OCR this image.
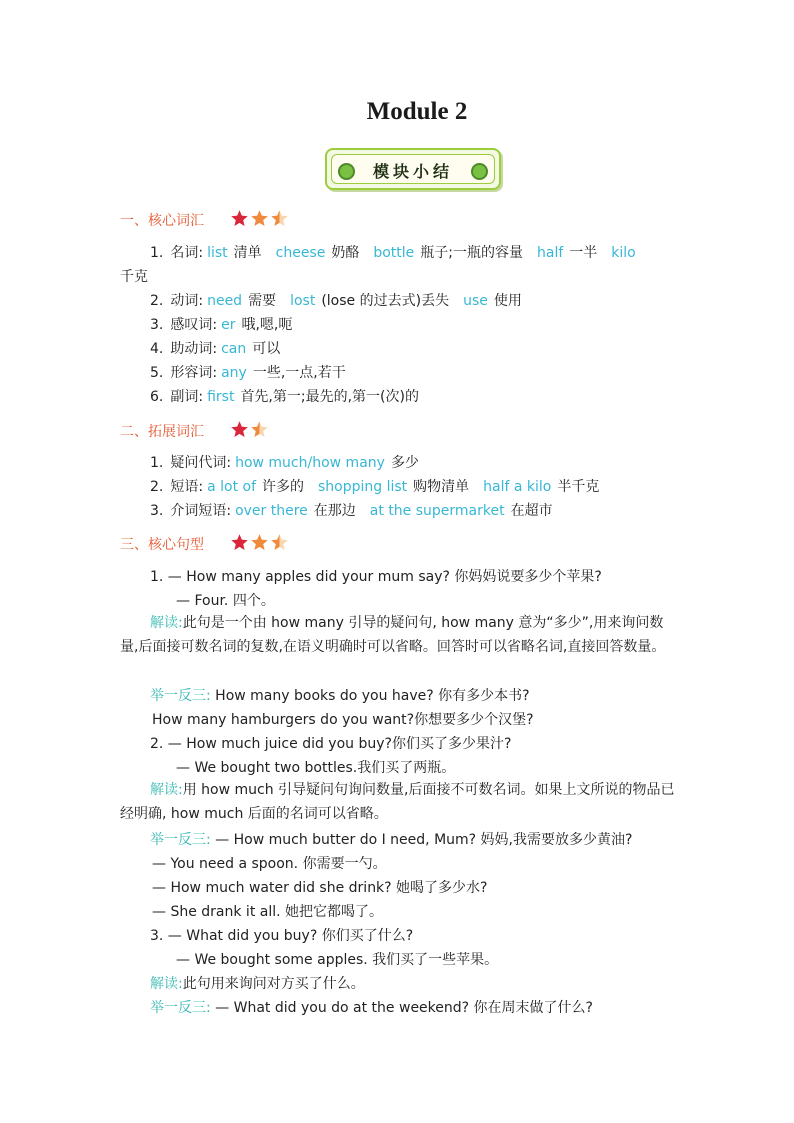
Module 2
模块小结
一、核心词汇
1. 名词: list 清单 cheese 奶酪 bottle 瓶子;一瓶的容量 half 一半 kilo
千克
2. 动词: need 需要 lost (lose 的过去式)丢失 use 使用
3. 感叹词: er 哦,嗯,呃
4. 助动词: can 可以
5. 形容词: any 一些,一点,若干
6. 副词: first 首先,第一;最先的,第一(次)的
二、拓展词汇
1. 疑问代词: how much/how many 多少
2. 短语: a lot of 许多的 shopping list 购物清单 half a kilo 半千克
3. 介词短语: over there 在那边 at the supermarket 在超市
三、核心句型
1. — How many apples did your mum say? 你妈妈说要多少个苹果?
— Four. 四个。
解读:此句是一个由 how many 引导的疑问句, how many 意为“多少”,用来询问数量,后面接可数名词的复数,在语义明确时可以省略。回答时可以省略名词,直接回答数量。
举一反三: How many books do you have? 你有多少本书?
How many hamburgers do you want?你想要多少个汉堡?
2. — How much juice did you buy?你们买了多少果汁?
— We bought two bottles.我们买了两瓶。
解读:用 how much 引导疑问句询问数量,后面接不可数名词。如果上文所说的物品已经明确, how much 后面的名词可以省略。
举一反三: — How much butter do I need, Mum? 妈妈,我需要放多少黄油?
— You need a spoon. 你需要一勺。
— How much water did she drink? 她喝了多少水?
— She drank it all. 她把它都喝了。
3. — What did you buy? 你们买了什么?
— We bought some apples. 我们买了一些苹果。
解读:此句用来询问对方买了什么。
举一反三: — What did you do at the weekend? 你在周末做了什么?
